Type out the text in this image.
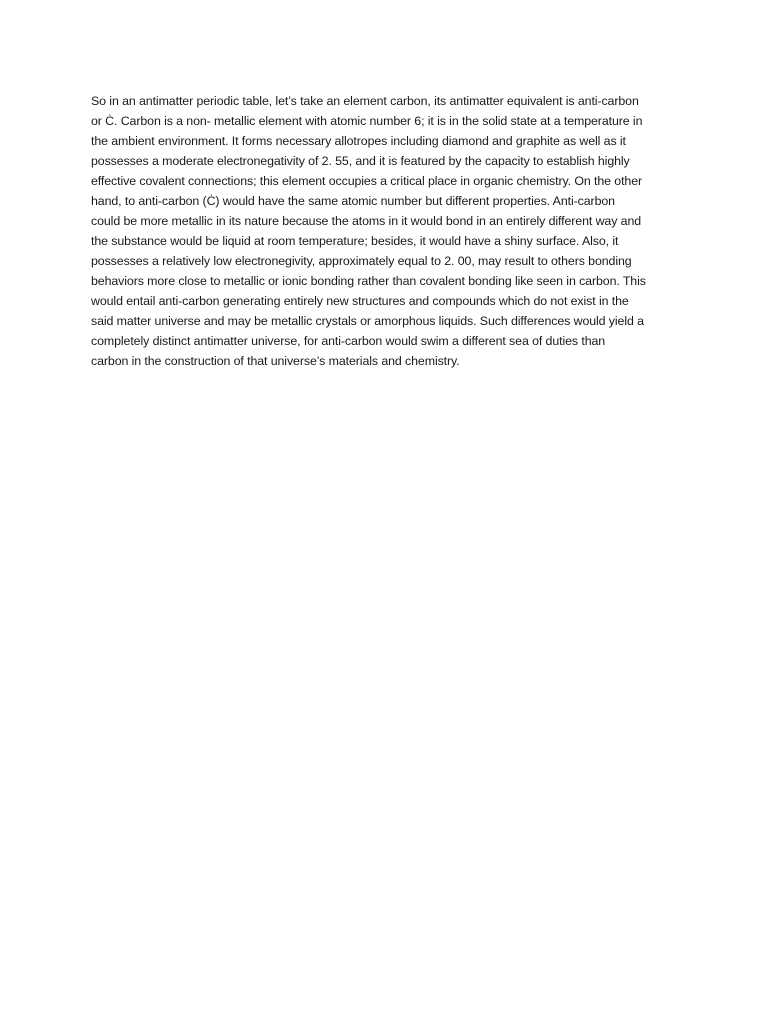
So in an antimatter periodic table, let’s take an element carbon, its antimatter equivalent is anti-carbon
or Ċ. Carbon is a non- metallic element with atomic number 6; it is in the solid state at a temperature in
the ambient environment. It forms necessary allotropes including diamond and graphite as well as it
possesses a moderate electronegativity of 2. 55, and it is featured by the capacity to establish highly
effective covalent connections; this element occupies a critical place in organic chemistry. On the other
hand, to anti-carbon (Ċ) would have the same atomic number but different properties. Anti-carbon
could be more metallic in its nature because the atoms in it would bond in an entirely different way and
the substance would be liquid at room temperature; besides, it would have a shiny surface. Also, it
possesses a relatively low electronegivity, approximately equal to 2. 00, may result to others bonding
behaviors more close to metallic or ionic bonding rather than covalent bonding like seen in carbon. This
would entail anti-carbon generating entirely new structures and compounds which do not exist in the
said matter universe and may be metallic crystals or amorphous liquids. Such differences would yield a
completely distinct antimatter universe, for anti-carbon would swim a different sea of duties than
carbon in the construction of that universe’s materials and chemistry.
